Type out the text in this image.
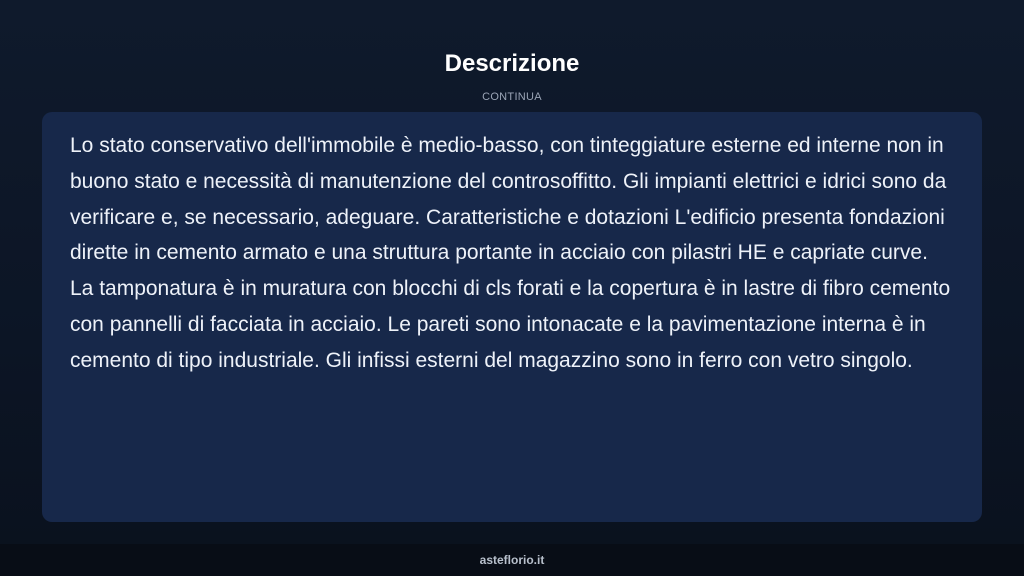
Descrizione
CONTINUA

Lo stato conservativo dell'immobile è medio-basso, con tinteggiature esterne ed interne non in buono stato e necessità di manutenzione del controsoffitto. Gli impianti elettrici e idrici sono da verificare e, se necessario, adeguare. Caratteristiche e dotazioni L'edificio presenta fondazioni dirette in cemento armato e una struttura portante in acciaio con pilastri HE e capriate curve. La tamponatura è in muratura con blocchi di cls forati e la copertura è in lastre di fibro cemento con pannelli di facciata in acciaio. Le pareti sono intonacate e la pavimentazione interna è in cemento di tipo industriale. Gli infissi esterni del magazzino sono in ferro con vetro singolo.

asteflorio.it
